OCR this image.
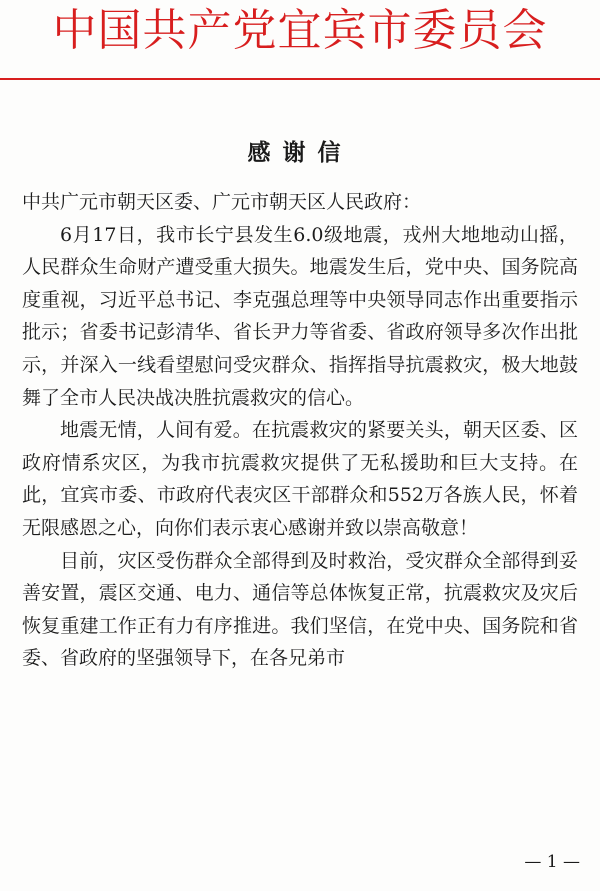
中国共产党宜宾市委员会
感谢信

中共广元市朝天区委、广元市朝天区人民政府：

6月17日，我市长宁县发生6.0级地震，戎州大地地动山摇，人民群众生命财产遭受重大损失。地震发生后，党中央、国务院高度重视，习近平总书记、李克强总理等中央领导同志作出重要指示批示；省委书记彭清华、省长尹力等省委、省政府领导多次作出批示，并深入一线看望慰问受灾群众、指挥指导抗震救灾，极大地鼓舞了全市人民决战决胜抗震救灾的信心。

地震无情，人间有爱。在抗震救灾的紧要关头，朝天区委、区政府情系灾区，为我市抗震救灾提供了无私援助和巨大支持。在此，宜宾市委、市政府代表灾区干部群众和552万各族人民，怀着无限感恩之心，向你们表示衷心感谢并致以崇高敬意！

目前，灾区受伤群众全部得到及时救治，受灾群众全部得到妥善安置，震区交通、电力、通信等总体恢复正常，抗震救灾及灾后恢复重建工作正有力有序推进。我们坚信，在党中央、国务院和省委、省政府的坚强领导下，在各兄弟市

— 1 —
